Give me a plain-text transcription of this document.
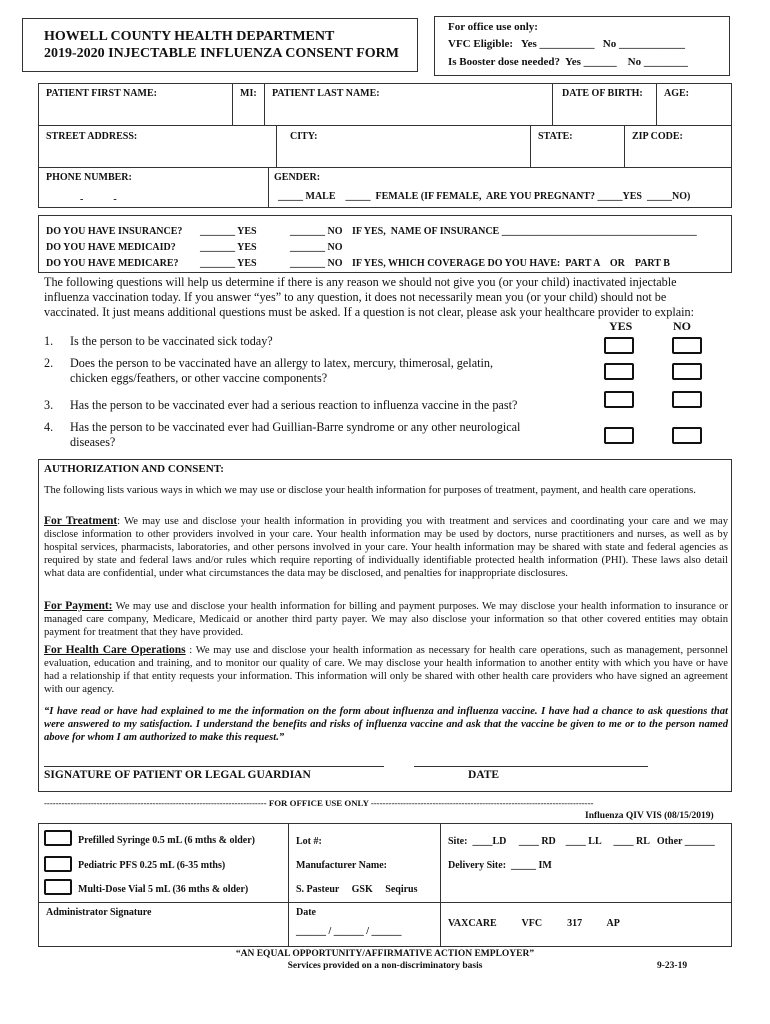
HOWELL COUNTY HEALTH DEPARTMENT
2019-2020 INJECTABLE INFLUENZA CONSENT FORM
For office use only:
VFC Eligible:   Yes __________   No ____________
Is Booster dose needed?  Yes ______    No ________
PATIENT FIRST NAME:	MI: PATIENT LAST NAME:	DATE OF BIRTH: AGE:
STREET ADDRESS:	CITY:	STATE:	ZIP CODE:
PHONE NUMBER:
-            -
GENDER:
_____ MALE    _____  FEMALE (IF FEMALE,  ARE YOU PREGNANT? _____YES  _____NO)
DO YOU HAVE INSURANCE? _______ YES	_______ NO IF YES,  NAME OF INSURANCE _______________________________________
DO YOU HAVE MEDICAID? _______ YES	_______ NO
DO YOU HAVE MEDICARE? _______ YES	_______ NO IF YES, WHICH COVERAGE DO YOU HAVE:  PART A    OR    PART B
The following questions will help us determine if there is any reason we should not give you (or your child) inactivated injectable
influenza vaccination today. If you answer “yes” to any question, it does not necessarily mean you (or your child) should not be
vaccinated. It just means additional questions must be asked. If a question is not clear, please ask your healthcare provider to explain:
YES	NO
1. Is the person to be vaccinated sick today?
2. Does the person to be vaccinated have an allergy to latex, mercury, thimerosal, gelatin,
chicken eggs/feathers, or other vaccine components?
3. Has the person to be vaccinated ever had a serious reaction to influenza vaccine in the past?
4. Has the person to be vaccinated ever had Guillian-Barre syndrome or any other neurological
diseases?
AUTHORIZATION AND CONSENT:
The following lists various ways in which we may use or disclose your health information for purposes of treatment, payment, and health care operations.
For Treatment: We may use and disclose your health information in providing you with treatment and services and coordinating your care and we may disclose information to other providers involved in your care. Your health information may be used by doctors, nurse practitioners and nurses, as well as by hospital services, pharmacists, laboratories, and other persons involved in your care. Your health information may be shared with state and federal agencies as required by state and federal laws and/or rules which require reporting of individually identifiable protected health information (PHI). These laws also detail what data are confidential, under what circumstances the data may be disclosed, and penalties for inappropriate disclosures.
For Payment: We may use and disclose your health information for billing and payment purposes. We may disclose your health information to insurance or managed care company, Medicare, Medicaid or another third party payer. We may also disclose your information so that other covered entities may obtain payment for treatment that they have provided.
For Health Care Operations : We may use and disclose your health information as necessary for health care operations, such as management, personnel evaluation, education and training, and to monitor our quality of care. We may disclose your health information to another entity with which you have or have had a relationship if that entity requests your information. This information will only be shared with other health care providers who have signed an agreement with our agency.
“I have read or have had explained to me the information on the form about influenza and influenza vaccine. I have had a chance to ask questions that were answered to my satisfaction. I understand the benefits and risks of influenza vaccine and ask that the vaccine be given to me or to the person named above for whom I am authorized to make this request.”
SIGNATURE OF PATIENT OR LEGAL GUARDIAN	DATE
---------------------------------------------------------------------------- FOR OFFICE USE ONLY ----------------------------------------------------------------------------
Influenza QIV VIS (08/15/2019)
Prefilled Syringe 0.5 mL (6 mths & older)
Pediatric PFS 0.25 mL (6-35 mths)
Multi-Dose Vial 5 mL (36 mths & older)
Lot #:
Manufacturer Name:
S. Pasteur     GSK     Seqirus
Site:  ____LD     ____ RD    ____ LL     ____ RL   Other ______
Delivery Site:  _____ IM
Administrator Signature	Date
______ / ______ / ______
VAXCARE          VFC          317          AP
“AN EQUAL OPPORTUNITY/AFFIRMATIVE ACTION EMPLOYER”
Services provided on a non-discriminatory basis	9-23-19
